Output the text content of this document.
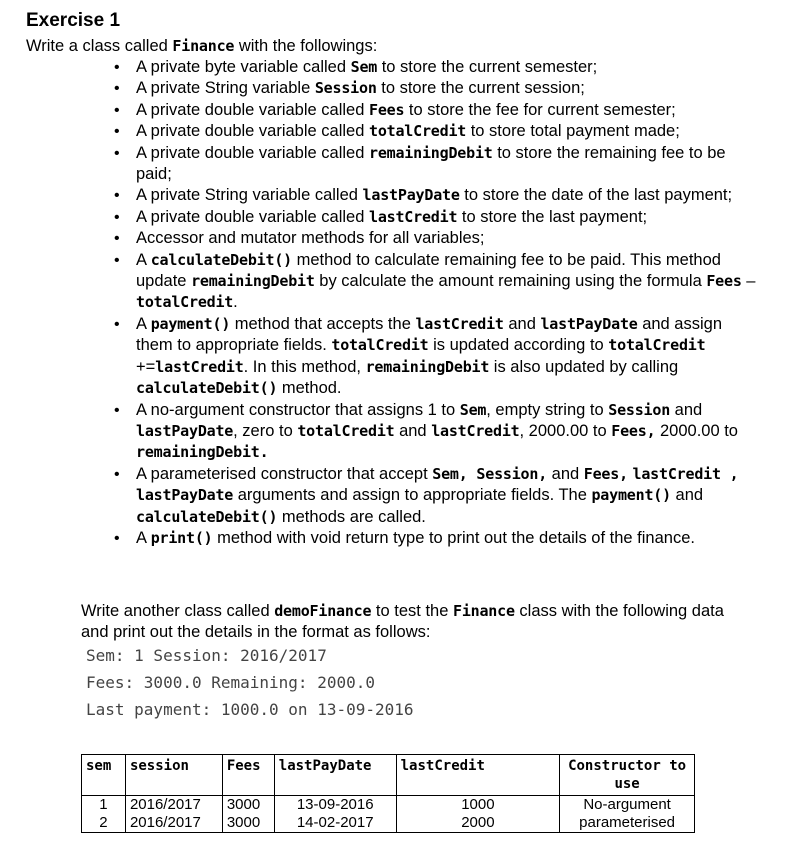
Exercise 1
Write a class called Finance with the followings:
• A private byte variable called Sem to store the current semester;
• A private String variable Session to store the current session;
• A private double variable called Fees to store the fee for current semester;
• A private double variable called totalCredit to store total payment made;
• A private double variable called remainingDebit to store the remaining fee to be paid;
• A private String variable called lastPayDate to store the date of the last payment;
• A private double variable called lastCredit to store the last payment;
• Accessor and mutator methods for all variables;
• A calculateDebit() method to calculate remaining fee to be paid. This method update remainingDebit by calculate the amount remaining using the formula Fees – totalCredit.
• A payment() method that accepts the lastCredit and lastPayDate and assign them to appropriate fields. totalCredit is updated according to totalCredit +=lastCredit. In this method, remainingDebit is also updated by calling calculateDebit() method.
• A no-argument constructor that assigns 1 to Sem, empty string to Session and lastPayDate, zero to totalCredit and lastCredit, 2000.00 to Fees, 2000.00 to remainingDebit.
• A parameterised constructor that accept Sem, Session, and Fees, lastCredit , lastPayDate arguments and assign to appropriate fields. The payment() and calculateDebit() methods are called.
• A print() method with void return type to print out the details of the finance.
Write another class called demoFinance to test the Finance class with the following data and print out the details in the format as follows:
Sem: 1 Session: 2016/2017
Fees: 3000.0 Remaining: 2000.0
Last payment: 1000.0 on 13-09-2016
sem	session	Fees	lastPayDate	lastCredit	Constructor to use
1	2016/2017	3000	13-09-2016	1000	No-argument
2	2016/2017	3000	14-02-2017	2000	parameterised
